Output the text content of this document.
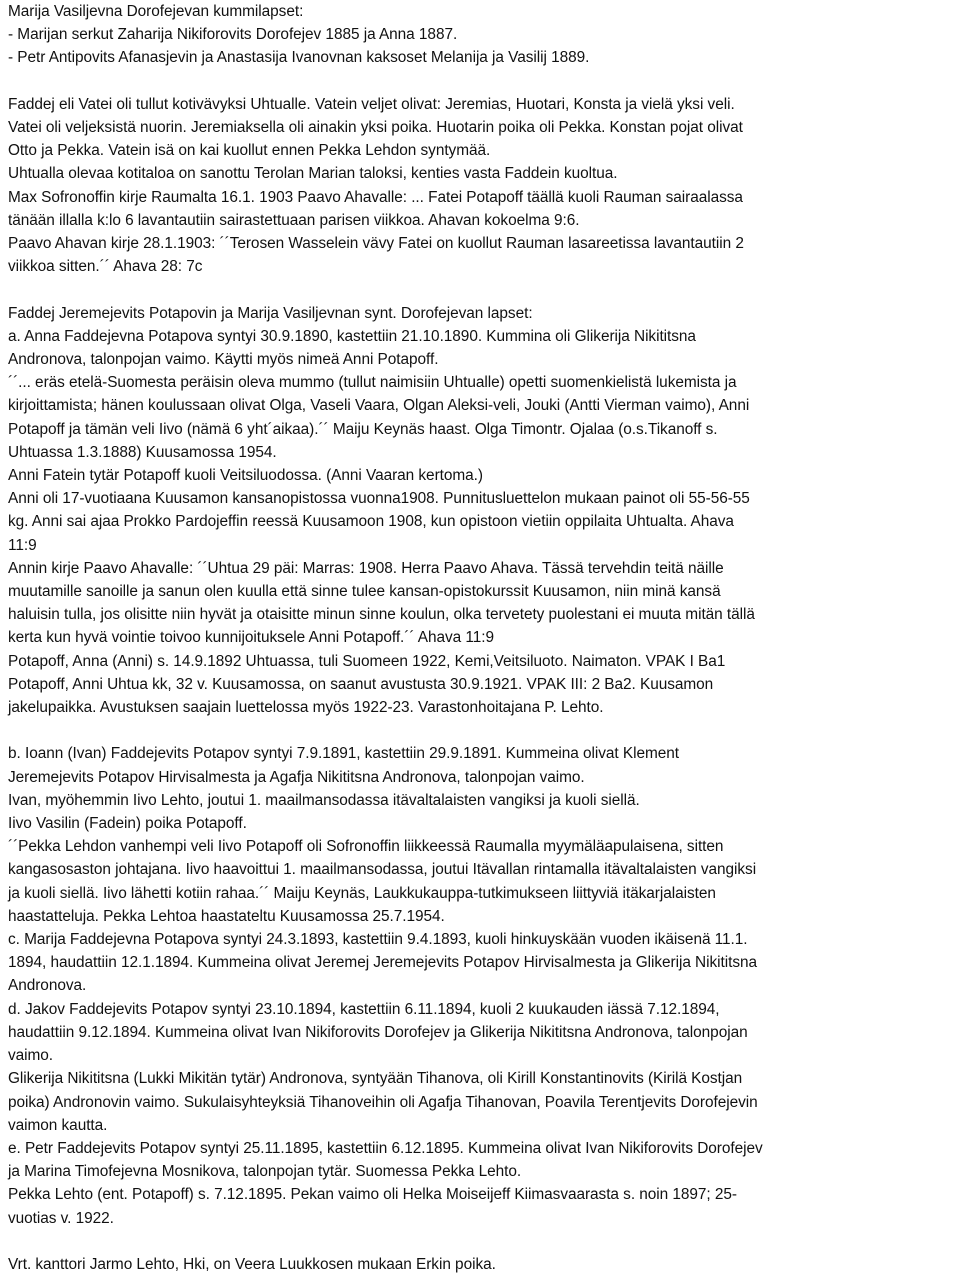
Marija Vasiljevna Dorofejevan kummilapset:
- Marijan serkut Zaharija Nikiforovits Dorofejev 1885 ja Anna 1887.
- Petr Antipovits Afanasjevin ja Anastasija Ivanovnan kaksoset Melanija ja Vasilij 1889.
Faddej eli Vatei oli tullut kotivävyksi Uhtualle. Vatein veljet olivat: Jeremias, Huotari, Konsta ja vielä yksi veli.
Vatei oli veljeksistä nuorin. Jeremiaksella oli ainakin yksi poika. Huotarin poika oli Pekka. Konstan pojat olivat
Otto ja Pekka. Vatein isä on kai kuollut ennen Pekka Lehdon syntymää.
Uhtualla olevaa kotitaloa on sanottu Terolan Marian taloksi, kenties vasta Faddein kuoltua.
Max Sofronoffin kirje Raumalta 16.1. 1903 Paavo Ahavalle: ... Fatei Potapoff täällä kuoli Rauman sairaalassa
tänään illalla k:lo 6 lavantautiin sairastettuaan parisen viikkoa. Ahavan kokoelma 9:6.
Paavo Ahavan kirje 28.1.1903: ´´Terosen Wasselein vävy Fatei on kuollut Rauman lasareetissa lavantautiin 2
viikkoa sitten.´´ Ahava 28: 7c
Faddej Jeremejevits Potapovin ja Marija Vasiljevnan synt. Dorofejevan lapset:
a. Anna Faddejevna Potapova syntyi 30.9.1890, kastettiin 21.10.1890. Kummina oli Glikerija Nikititsna
Andronova, talonpojan vaimo. Käytti myös nimeä Anni Potapoff.
´´... eräs etelä-Suomesta peräisin oleva mummo (tullut naimisiin Uhtualle) opetti suomenkielistä lukemista ja
kirjoittamista; hänen koulussaan olivat Olga, Vaseli Vaara, Olgan Aleksi-veli, Jouki (Antti Vierman vaimo), Anni
Potapoff ja tämän veli Iivo (nämä 6 yht´aikaa).´´ Maiju Keynäs haast. Olga Timontr. Ojalaa (o.s.Tikanoff s.
Uhtuassa 1.3.1888) Kuusamossa 1954.
Anni Fatein tytär Potapoff kuoli Veitsiluodossa. (Anni Vaaran kertoma.)
Anni oli 17-vuotiaana Kuusamon kansanopistossa vuonna1908. Punnitusluettelon mukaan painot oli 55-56-55
kg. Anni sai ajaa Prokko Pardojeffin reessä Kuusamoon 1908, kun opistoon vietiin oppilaita Uhtualta. Ahava
11:9
Annin kirje Paavo Ahavalle: ´´Uhtua 29 päi: Marras: 1908. Herra Paavo Ahava. Tässä tervehdin teitä näille
muutamille sanoille ja sanun olen kuulla että sinne tulee kansan-opistokurssit Kuusamon, niin minä kansä
haluisin tulla, jos olisitte niin hyvät ja otaisitte minun sinne koulun, olka tervetety puolestani ei muuta mitän tällä
kerta kun hyvä vointie toivoo kunnijoituksele Anni Potapoff.´´ Ahava 11:9
Potapoff, Anna (Anni) s. 14.9.1892 Uhtuassa, tuli Suomeen 1922, Kemi,Veitsiluoto. Naimaton. VPAK I Ba1
Potapoff, Anni Uhtua kk, 32 v. Kuusamossa, on saanut avustusta 30.9.1921. VPAK III: 2 Ba2. Kuusamon
jakelupaikka. Avustuksen saajain luettelossa myös 1922-23. Varastonhoitajana P. Lehto.
b. Ioann (Ivan) Faddejevits Potapov syntyi 7.9.1891, kastettiin 29.9.1891. Kummeina olivat Klement
Jeremejevits Potapov Hirvisalmesta ja Agafja Nikititsna Andronova, talonpojan vaimo.
Ivan, myöhemmin Iivo Lehto, joutui 1. maailmansodassa itävaltalaisten vangiksi ja kuoli siellä.
Iivo Vasilin (Fadein) poika Potapoff.
´´Pekka Lehdon vanhempi veli Iivo Potapoff oli Sofronoffin liikkeessä Raumalla myymäläapulaisena, sitten
kangasosaston johtajana. Iivo haavoittui 1. maailmansodassa, joutui Itävallan rintamalla itävaltalaisten vangiksi
ja kuoli siellä. Iivo lähetti kotiin rahaa.´´ Maiju Keynäs, Laukkukauppa-tutkimukseen liittyviä itäkarjalaisten
haastatteluja. Pekka Lehtoa haastateltu Kuusamossa 25.7.1954.
c. Marija Faddejevna Potapova syntyi 24.3.1893, kastettiin 9.4.1893, kuoli hinkuyskään vuoden ikäisenä 11.1.
1894, haudattiin 12.1.1894. Kummeina olivat Jeremej Jeremejevits Potapov Hirvisalmesta ja Glikerija Nikititsna
Andronova.
d. Jakov Faddejevits Potapov syntyi 23.10.1894, kastettiin 6.11.1894, kuoli 2 kuukauden iässä 7.12.1894,
haudattiin 9.12.1894. Kummeina olivat Ivan Nikiforovits Dorofejev ja Glikerija Nikititsna Andronova, talonpojan
vaimo.
Glikerija Nikititsna (Lukki Mikitän tytär) Andronova, syntyään Tihanova, oli Kirill Konstantinovits (Kirilä Kostjan
poika) Andronovin vaimo. Sukulaisyhteyksiä Tihanoveihin oli Agafja Tihanovan, Poavila Terentjevits Dorofejevin
vaimon kautta.
e. Petr Faddejevits Potapov syntyi 25.11.1895, kastettiin 6.12.1895. Kummeina olivat Ivan Nikiforovits Dorofejev
ja Marina Timofejevna Mosnikova, talonpojan tytär. Suomessa Pekka Lehto.
Pekka Lehto (ent. Potapoff) s. 7.12.1895. Pekan vaimo oli Helka Moiseijeff Kiimasvaarasta s. noin 1897; 25-
vuotias v. 1922.
Vrt. kanttori Jarmo Lehto, Hki, on Veera Luukkosen mukaan Erkin poika.
